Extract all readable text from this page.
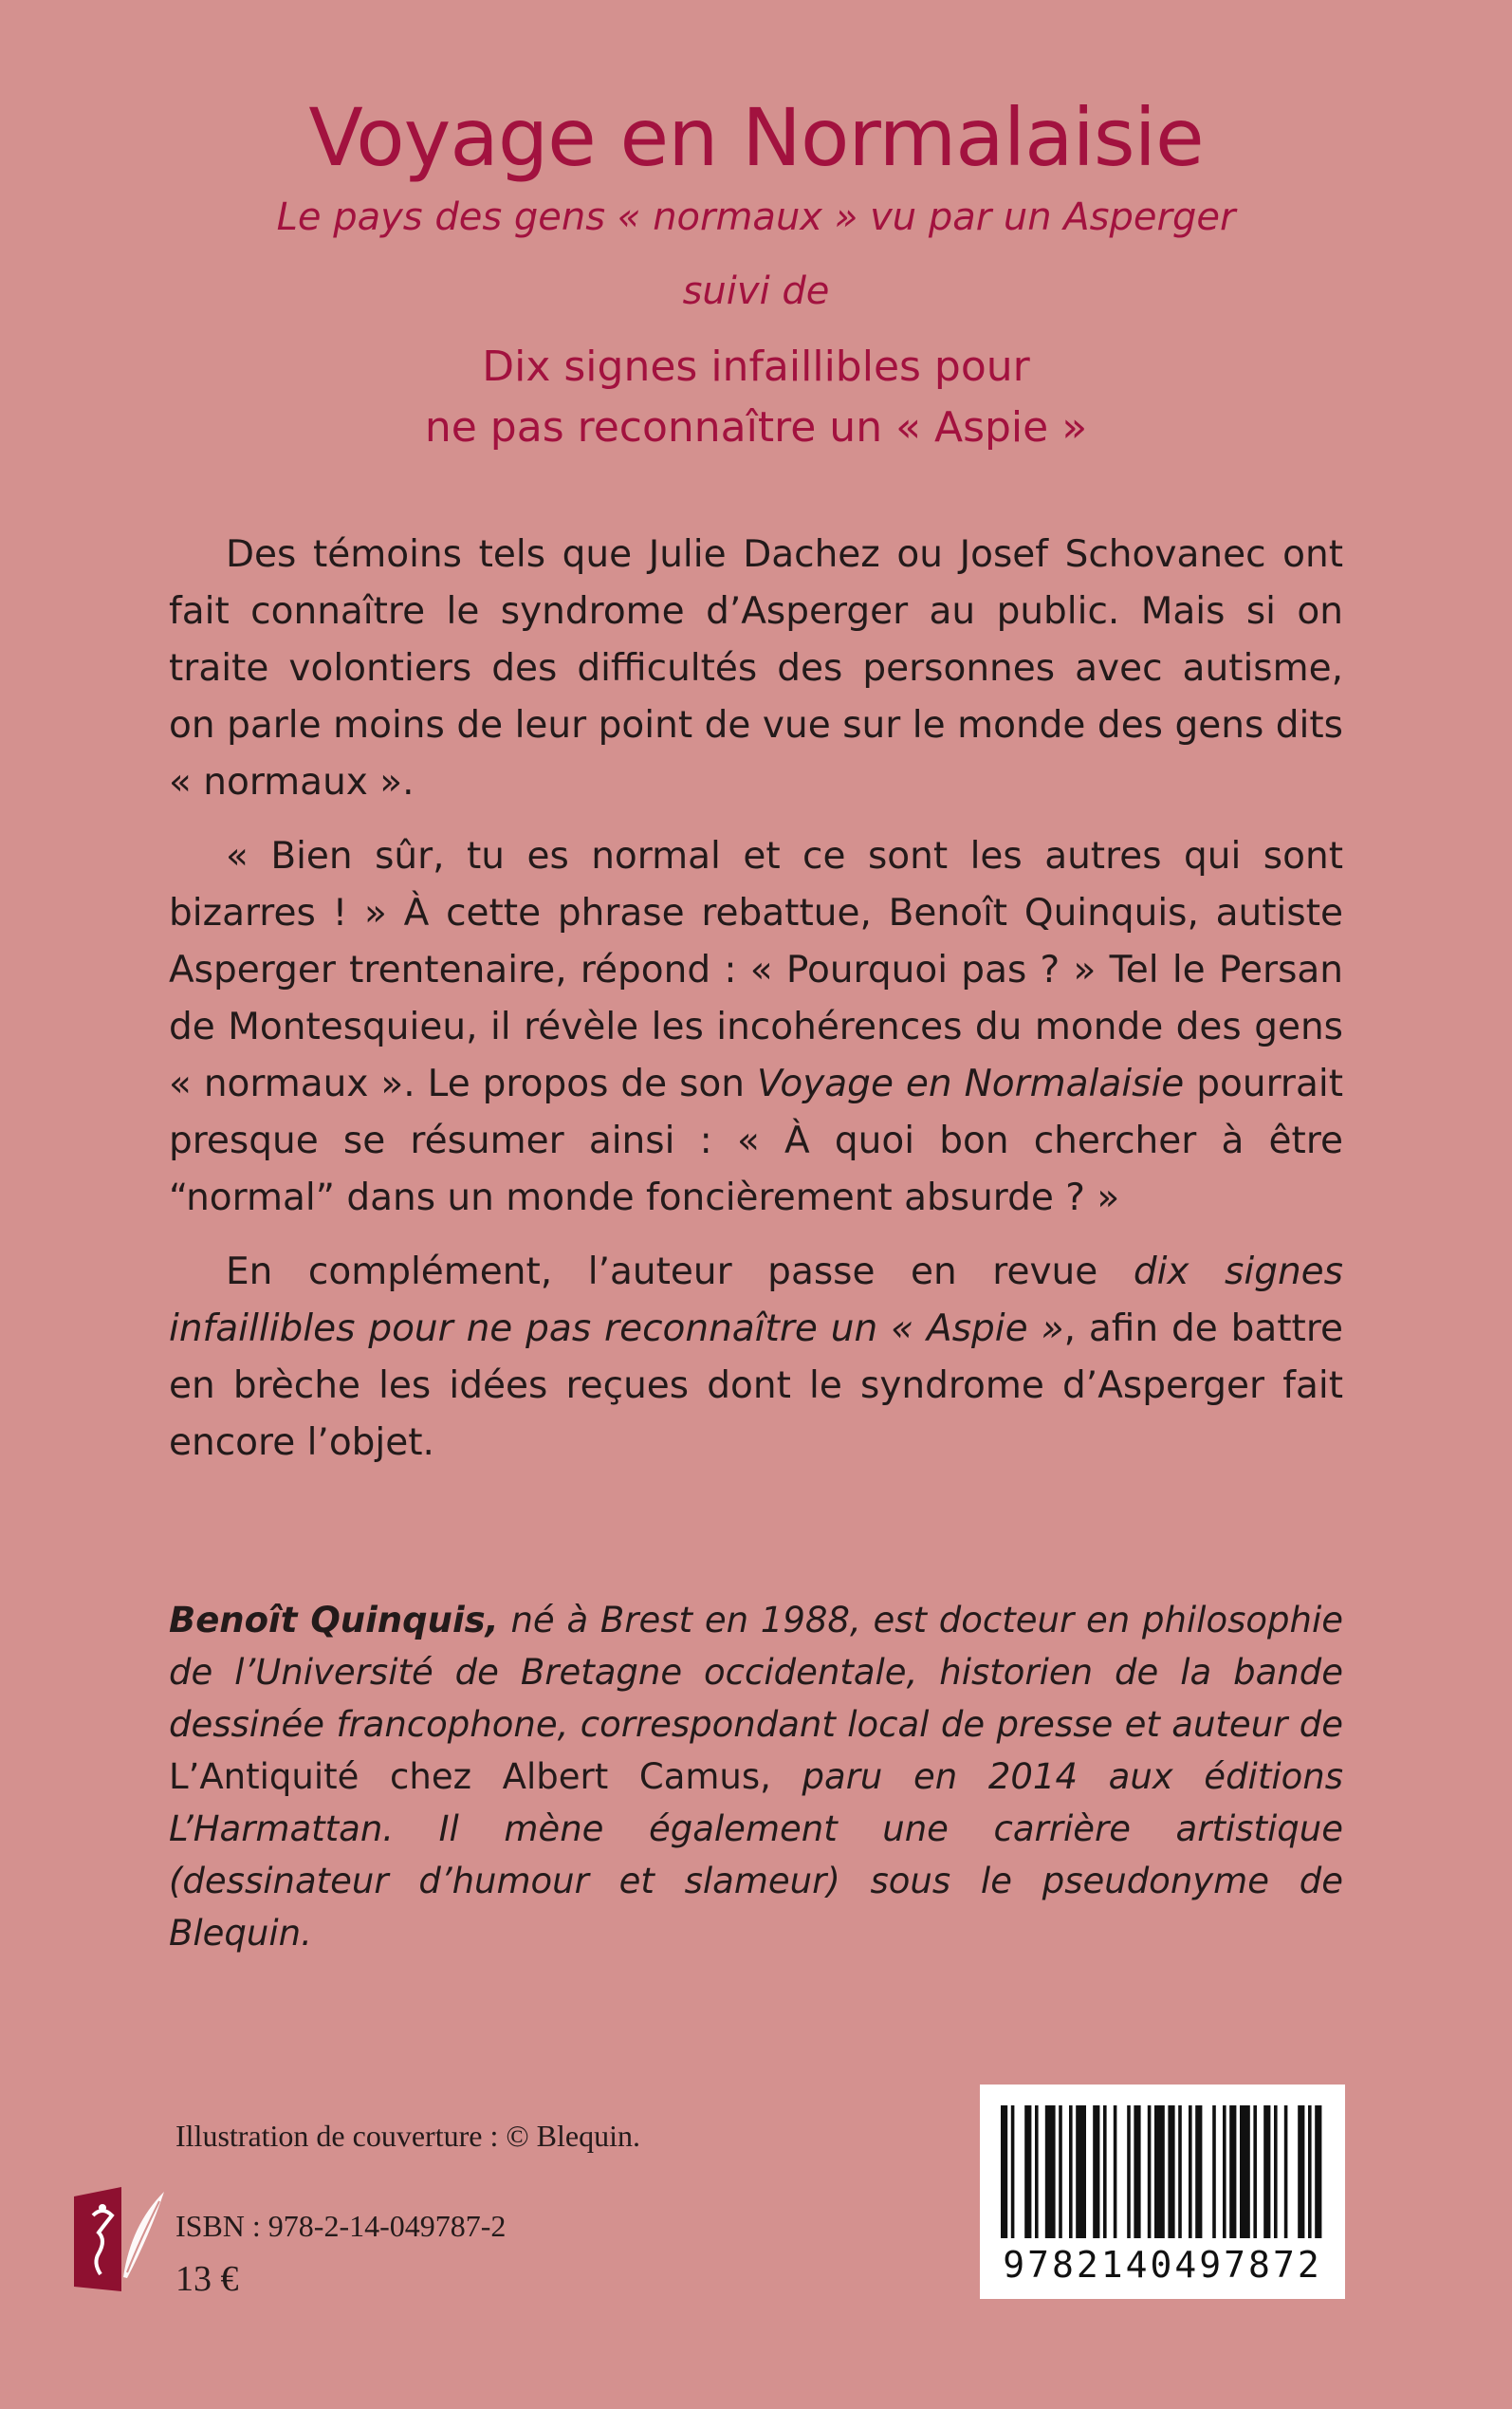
Voyage en Normalaisie
Le pays des gens « normaux » vu par un Asperger
suivi de
Dix signes infaillibles pour
ne pas reconnaître un « Aspie »

Des témoins tels que Julie Dachez ou Josef Schovanec ont fait connaître le syndrome d’Asperger au public. Mais si on traite volontiers des difficultés des personnes avec autisme, on parle moins de leur point de vue sur le monde des gens dits « normaux ».

« Bien sûr, tu es normal et ce sont les autres qui sont bizarres ! » À cette phrase rebattue, Benoît Quinquis, autiste Asperger trentenaire, répond : « Pourquoi pas ? » Tel le Persan de Montesquieu, il révèle les incohérences du monde des gens « normaux ». Le propos de son Voyage en Normalaisie pourrait presque se résumer ainsi : « À quoi bon chercher à être “normal” dans un monde foncièrement absurde ? »

En complément, l’auteur passe en revue dix signes infaillibles pour ne pas reconnaître un « Aspie », afin de battre en brèche les idées reçues dont le syndrome d’Asperger fait encore l’objet.

Benoît Quinquis, né à Brest en 1988, est docteur en philosophie de l’Université de Bretagne occidentale, historien de la bande dessinée francophone, correspondant local de presse et auteur de L’Antiquité chez Albert Camus, paru en 2014 aux éditions L’Harmattan. Il mène également une carrière artistique (dessinateur d’humour et slameur) sous le pseudonyme de Blequin.

Illustration de couverture : © Blequin.
ISBN : 978-2-14-049787-2
13 €	9782140497872
